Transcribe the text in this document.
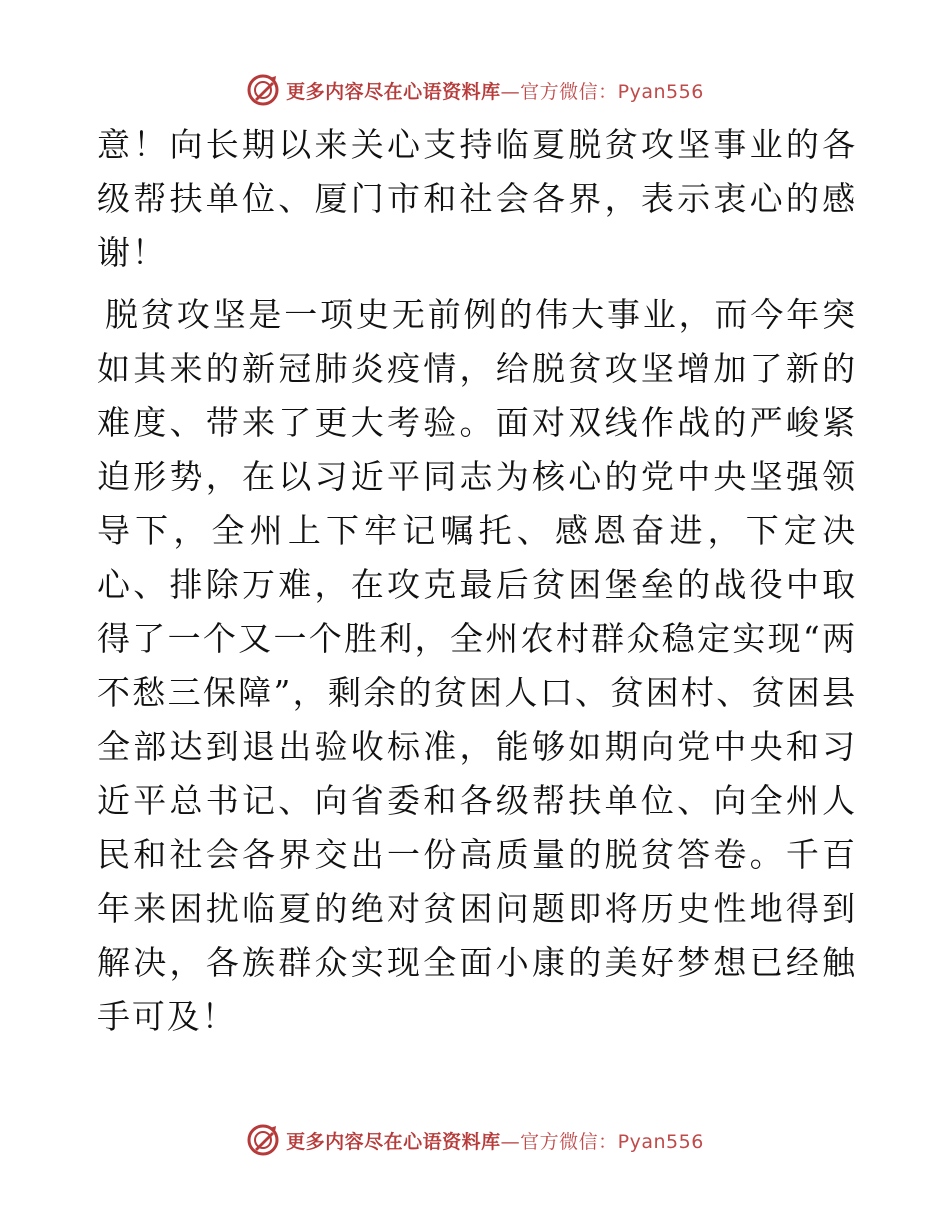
更多内容尽在心语资料库—官方微信：Pyan556

意！向长期以来关心支持临夏脱贫攻坚事业的各级帮扶单位、厦门市和社会各界，表示衷心的感谢！

脱贫攻坚是一项史无前例的伟大事业，而今年突如其来的新冠肺炎疫情，给脱贫攻坚增加了新的难度、带来了更大考验。面对双线作战的严峻紧迫形势，在以习近平同志为核心的党中央坚强领导下，全州上下牢记嘱托、感恩奋进，下定决心、排除万难，在攻克最后贫困堡垒的战役中取得了一个又一个胜利，全州农村群众稳定实现“两不愁三保障”，剩余的贫困人口、贫困村、贫困县全部达到退出验收标准，能够如期向党中央和习近平总书记、向省委和各级帮扶单位、向全州人民和社会各界交出一份高质量的脱贫答卷。千百年来困扰临夏的绝对贫困问题即将历史性地得到解决，各族群众实现全面小康的美好梦想已经触手可及！

更多内容尽在心语资料库—官方微信：Pyan556
